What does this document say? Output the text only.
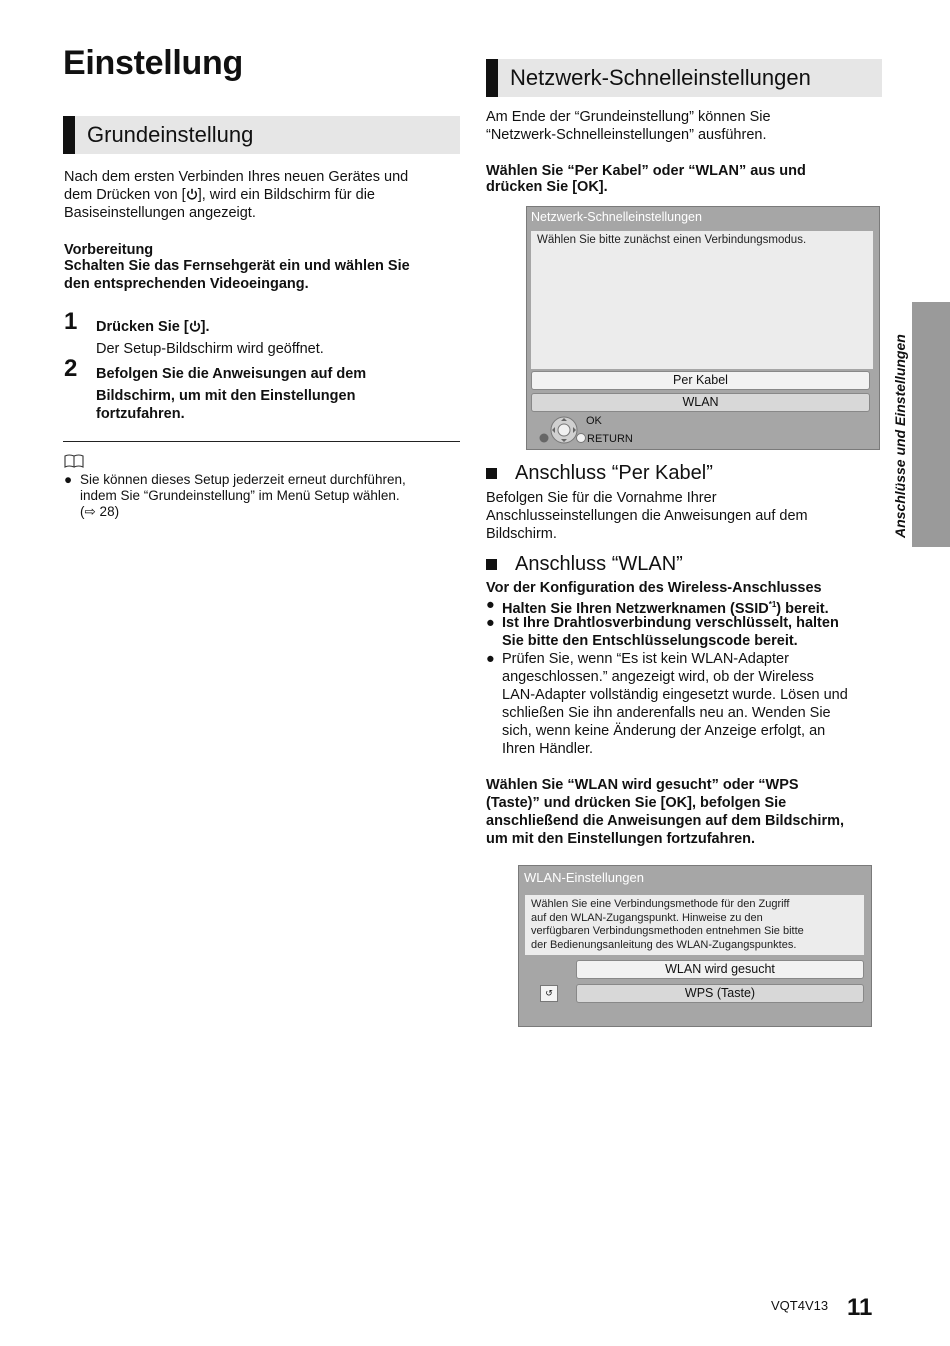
Einstellung
Grundeinstellung
Nach dem ersten Verbinden Ihres neuen Gerätes und
dem Drücken von [ ], wird ein Bildschirm für die
Basiseinstellungen angezeigt.
Vorbereitung
Schalten Sie das Fernsehgerät ein und wählen Sie
den entsprechenden Videoeingang.
1 Drücken Sie [ ].
Der Setup-Bildschirm wird geöffnet.
2 Befolgen Sie die Anweisungen auf dem
Bildschirm, um mit den Einstellungen
fortzufahren.
● Sie können dieses Setup jederzeit erneut durchführen,
indem Sie “Grundeinstellung” im Menü Setup wählen.
(⇨ 28)
Netzwerk-Schnelleinstellungen
Am Ende der “Grundeinstellung” können Sie
“Netzwerk-Schnelleinstellungen” ausführen.
Wählen Sie “Per Kabel” oder “WLAN” aus und
drücken Sie [OK].
Netzwerk-Schnelleinstellungen
Wählen Sie bitte zunächst einen Verbindungsmodus.
Per Kabel
WLAN
OK
RETURN
Anschluss “Per Kabel”
Befolgen Sie für die Vornahme Ihrer
Anschlusseinstellungen die Anweisungen auf dem
Bildschirm.
Anschluss “WLAN”
Vor der Konfiguration des Wireless-Anschlusses
● Halten Sie Ihren Netzwerknamen (SSID$^{*1}$) bereit.
● Ist Ihre Drahtlosverbindung verschlüsselt, halten
Sie bitte den Entschlüsselungscode bereit.
● Prüfen Sie, wenn “Es ist kein WLAN-Adapter
angeschlossen.” angezeigt wird, ob der Wireless
LAN-Adapter vollständig eingesetzt wurde. Lösen und
schließen Sie ihn anderenfalls neu an. Wenden Sie
sich, wenn keine Änderung der Anzeige erfolgt, an
Ihren Händler.
Wählen Sie “WLAN wird gesucht” oder “WPS
(Taste)” und drücken Sie [OK], befolgen Sie
anschließend die Anweisungen auf dem Bildschirm,
um mit den Einstellungen fortzufahren.
WLAN-Einstellungen
Wählen Sie eine Verbindungsmethode für den Zugriff
auf den WLAN-Zugangspunkt. Hinweise zu den
verfügbaren Verbindungsmethoden entnehmen Sie bitte
der Bedienungsanleitung des WLAN-Zugangspunktes.
WLAN wird gesucht
↺	WPS (Taste)
Anschlüsse und Einstellungen
VQT4V13 11
